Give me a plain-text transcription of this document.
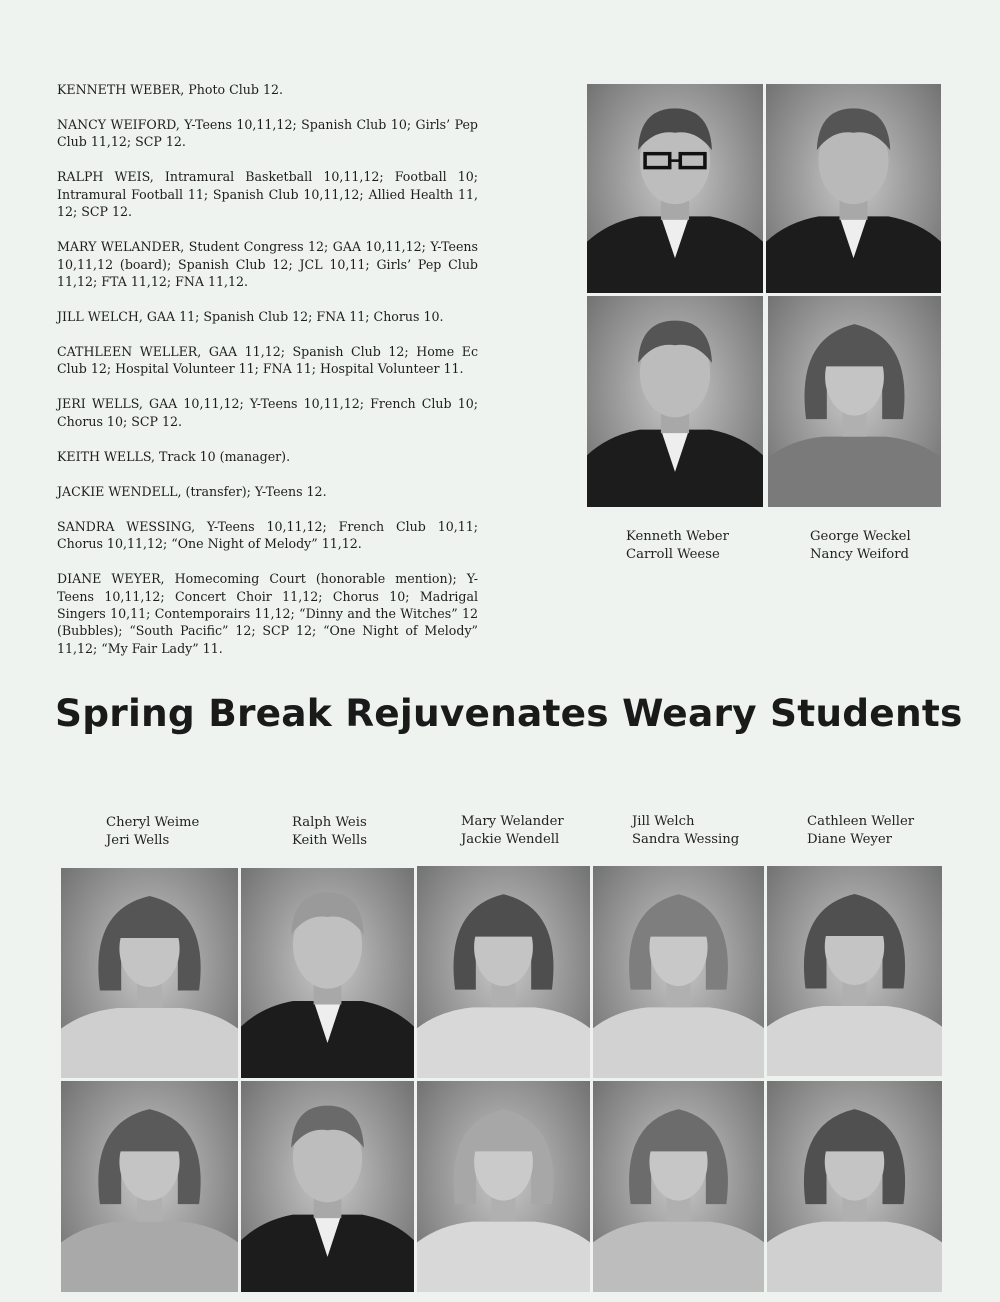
KENNETH WEBER, Photo Club 12.

NANCY WEIFORD, Y-Teens 10,11,12; Spanish Club 10; Girls’ Pep Club 11,12; SCP 12.

RALPH WEIS, Intramural Basketball 10,11,12; Football 10; Intramural Football 11; Spanish Club 10,11,12; Allied Health 11, 12; SCP 12.

MARY WELANDER, Student Congress 12; GAA 10,11,12; Y-Teens 10,11,12 (board); Spanish Club 12; JCL 10,11; Girls’ Pep Club 11,12; FTA 11,12; FNA 11,12.

JILL WELCH, GAA 11; Spanish Club 12; FNA 11; Chorus 10.

CATHLEEN WELLER, GAA 11,12; Spanish Club 12; Home Ec Club 12; Hospital Volunteer 11; FNA 11; Hospital Volunteer 11.

JERI WELLS, GAA 10,11,12; Y-Teens 10,11,12; French Club 10; Chorus 10; SCP 12.

KEITH WELLS, Track 10 (manager).

JACKIE WENDELL, (transfer); Y-Teens 12.

SANDRA WESSING, Y-Teens 10,11,12; French Club 10,11; Chorus 10,11,12; “One Night of Melody” 11,12.

DIANE WEYER, Homecoming Court (honorable mention); Y-Teens 10,11,12; Concert Choir 11,12; Chorus 10; Madrigal Singers 10,11; Contemporairs 11,12; “Dinny and the Witches” 12 (Bubbles); “South Pacific” 12; SCP 12; “One Night of Melody” 11,12; “My Fair Lady” 11.

Kenneth Weber
Carroll Weese
George Weckel
Nancy Weiford
Spring Break Rejuvenates Weary Students
Cheryl Weime
Jeri Wells
Ralph Weis
Keith Wells
Mary Welander
Jackie Wendell
Jill Welch
Sandra Wessing
Cathleen Weller
Diane Weyer
